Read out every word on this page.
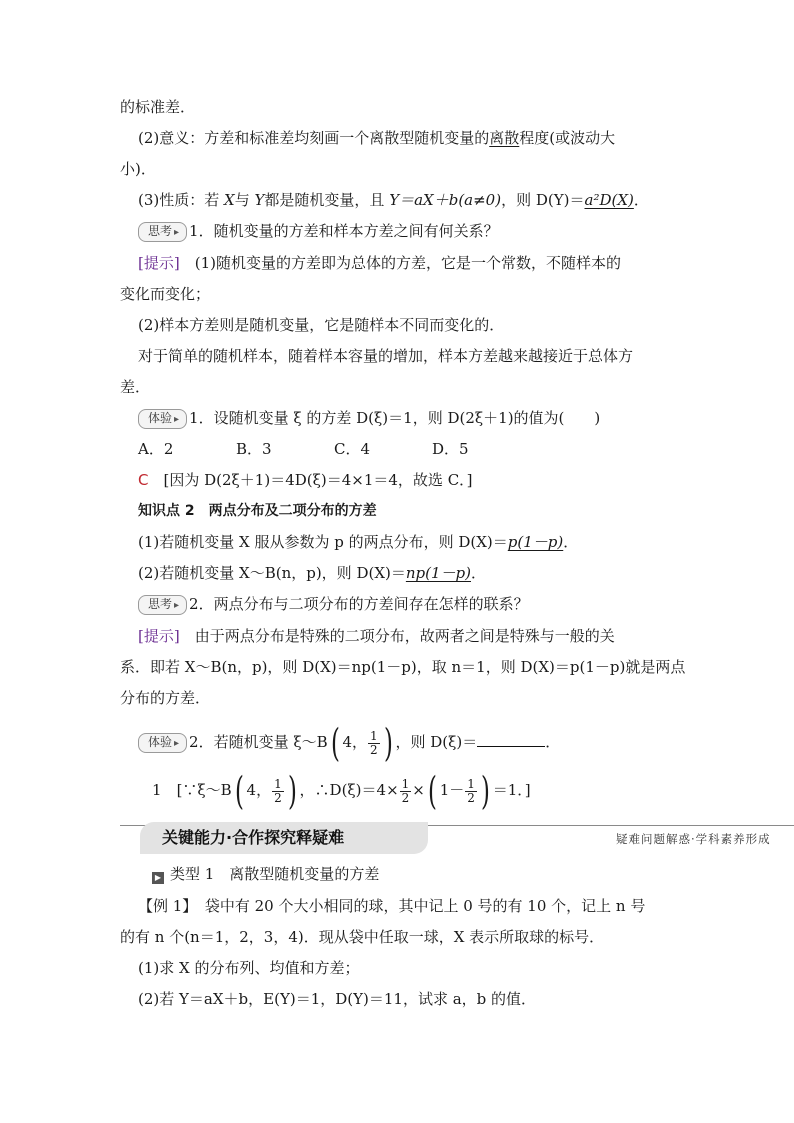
的标准差．
(2)意义：方差和标准差均刻画一个离散型随机变量的离散程度(或波动大
小)．
(3)性质：若 X与 Y都是随机变量，且 Y＝aX＋b(a≠0)，则 D(Y)＝a²D(X)．
思考 ▸ 1．随机变量的方差和样本方差之间有何关系？
[提示]　 (1)随机变量的方差即为总体的方差，它是一个常数，不随样本的
变化而变化；
(2)样本方差则是随机变量，它是随样本不同而变化的．
对于简单的随机样本，随着样本容量的增加，样本方差越来越接近于总体方
差．
体验 ▸ 1．设随机变量 ξ 的方差 D(ξ)＝1，则 D(2ξ＋1)的值为(　　)
A．2	B．3	C．4	D．5
C　 [因为 D(2ξ＋1)＝4D(ξ)＝4×1＝4，故选 C．]
知识点 2　两点分布及二项分布的方差
(1)若随机变量 X 服从参数为 p 的两点分布，则 D(X)＝p(1－p)．
(2)若随机变量 X～B(n，p)，则 D(X)＝np(1－p)．
思考 ▸ 2．两点分布与二项分布的方差间存在怎样的联系？
[提示]　 由于两点分布是特殊的二项分布，故两者之间是特殊与一般的关
系．即若 X～B(n，p)，则 D(X)＝np(1－p)，取 n＝1，则 D(X)＝p(1－p)就是两点
分布的方差．
体验 ▸ 2．若随机变量 ξ～B( 4， $\frac{1}{2}$ ) ，则 D(ξ)＝	．
1　 [∵ξ～B( 4， $\frac{1}{2}$ ) ，∴D(ξ)＝4× $\frac{1}{2}$ ×( $1- \frac{1}{2}$ ) ＝1．]
关键能力·合作探究释疑难	疑难问题解惑·学科素养形成
▶ 类型 1　离散型随机变量的方差
【例 1】　 袋中有 20 个大小相同的球，其中记上 0 号的有 10 个，记上 n 号
的有 n 个(n＝1，2，3，4)．现从袋中任取一球，X 表示所取球的标号．
(1)求 X 的分布列、均值和方差；
(2)若 Y＝aX＋b，E(Y)＝1，D(Y)＝11，试求 a，b 的值．
